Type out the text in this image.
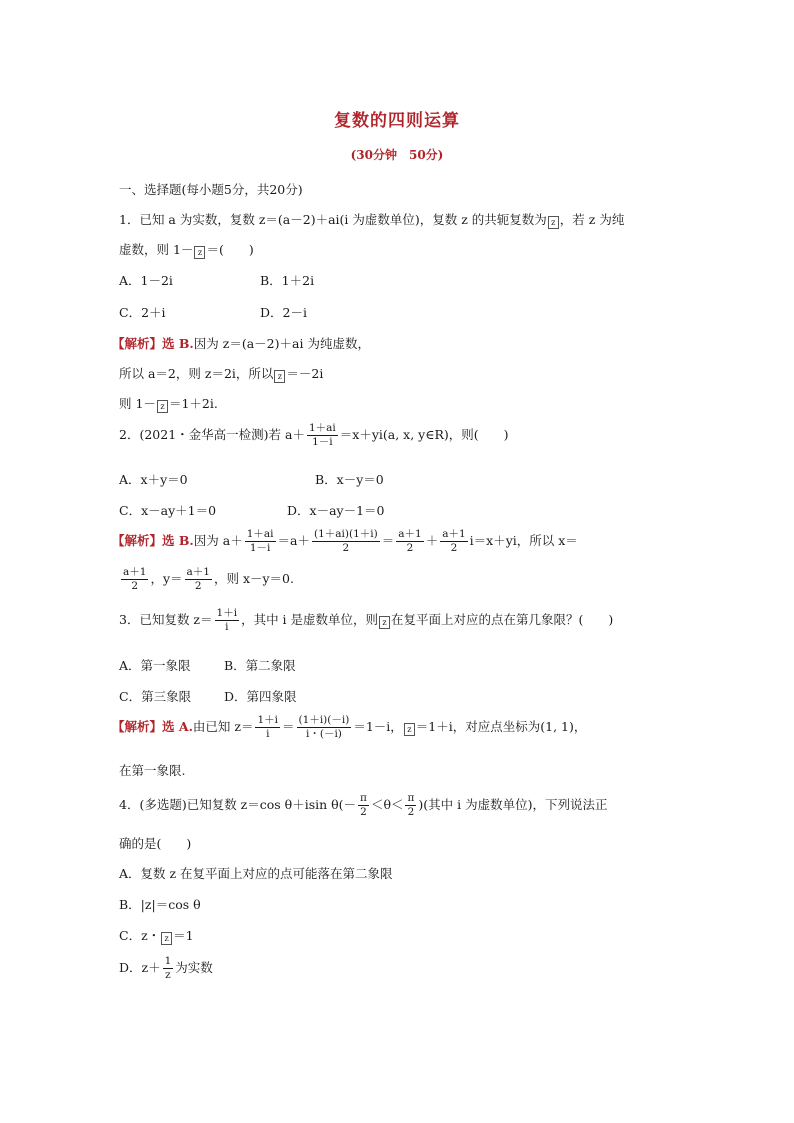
复数的四则运算
(30分钟　50分)
一、选择题(每小题5分，共20分)
1．已知 a 为实数，复数 z＝(a－2)＋ai(i 为虚数单位)，复数 z 的共轭复数为 z ，若 z 为纯
虚数，则 1－ z ＝(　　)
A．1－2i	B．1＋2i
C．2＋i	D．2－i
【解析】选 B.因为 z＝(a－2)＋ai 为纯虚数，
所以 a＝2，则 z＝2i，所以 z ＝－2i
则 1－ z ＝1＋2i.
2．(2021・金华高一检测)若 $a+ \frac{1+ai}{1-i} =x+yi(a$, x, y∈R)，则(　　)
A．x＋y＝0	B．x－y＝0
C．x－ay＋1＝0	D．x－ay－1＝0
【解析】选 B.因为 $a+ \frac{1+ai}{1-i} =a+ \frac{(1+ai)(1+i)}{2} = \frac{a+1}{2} + \frac{a+1}{2} i=x+yi$，所以 x＝
$\frac{a+1}{2}$ ，$y= \frac{a+1}{2}$ ，则 x－y＝0.
3．已知复数 $z= \frac{1+i}{i}$ ，其中 i 是虚数单位，则 z 在复平面上对应的点在第几象限？(　　)
A．第一象限	B．第二象限
C．第三象限	D．第四象限
【解析】选 A.由已知 $z= \frac{1+i}{i} = \frac{(1+i)(-i)}{i・(-i)} =1-i$， z ＝1＋i，对应点坐标为(1, 1)，
在第一象限.
4．(多选题)已知复数 z＝cos θ＋isin $\theta(- \frac{\pi}{2} <\theta< \frac{\pi}{2}$ )(其中 i 为虚数单位)，下列说法正
确的是(　　)
A．复数 z 在复平面上对应的点可能落在第二象限
B．|z|＝cos θ
C．z・ z ＝1
D．$z+ \frac{1}{z}$ 为实数
